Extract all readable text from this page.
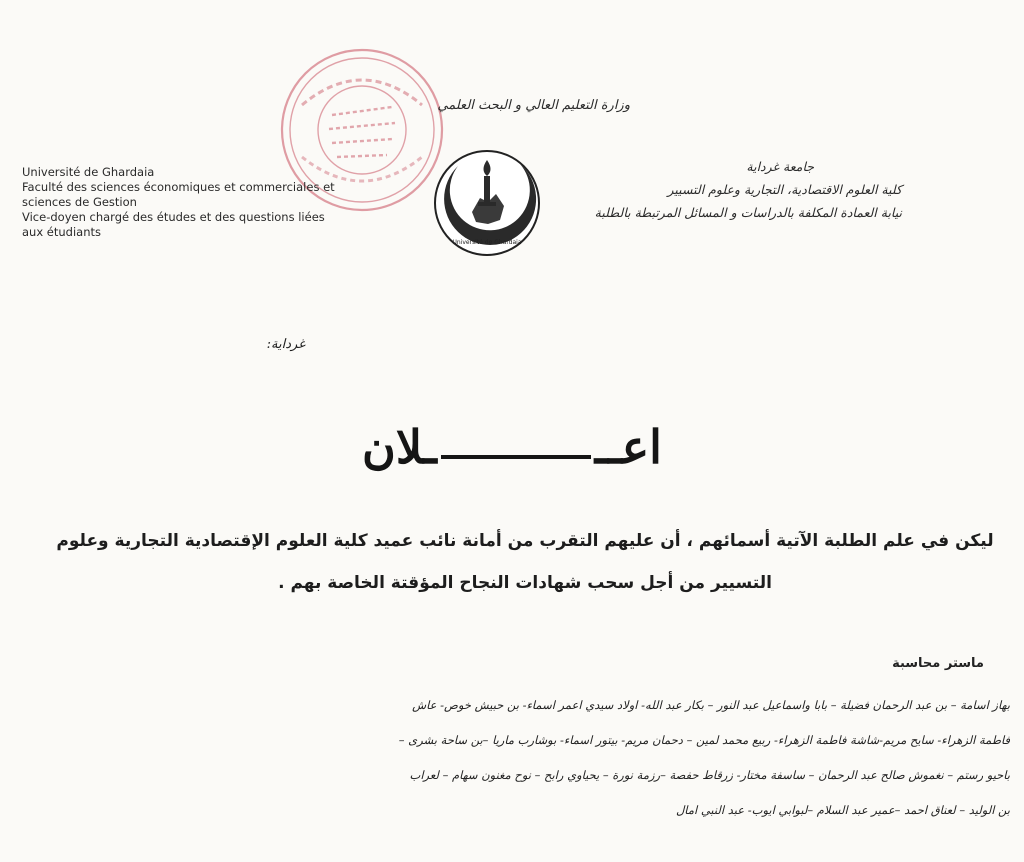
وزارة التعليم العالي و البحث العلمي
Université de Ghardaia
Faculté des sciences économiques et commerciales et
sciences de Gestion
Vice-doyen chargé des études et des questions liées
aux étudiants
Université de Ghardaia
جامعة غرداية
كلية العلوم الاقتصادية، التجارية وعلوم التسيير
نيابة العمادة المكلفة بالدراسات و المسائل المرتبطة بالطلبة
غرداية:
اعـــلان
ليكن في علم الطلبة الآتية أسمائهم ، أن عليهم التقرب من أمانة نائب عميد كلية العلوم الإقتصادية التجارية وعلوم
التسيير من أجل سحب شهادات النجاح المؤقتة الخاصة بهم .
ماستر محاسبة
بهاز اسامة – بن عبد الرحمان فضيلة – بابا واسماعيل عبد النور – بكار عبد الله- اولاد سيدي اعمر اسماء- بن حبيش خوص- عاش
فاطمة الزهراء- سايح مريم-شاشة فاطمة الزهراء- ربيع محمد لمين – دحمان مريم- بيتور اسماء- بوشارب ماريا –بن ساحة بشرى –
باحيو رستم – نغموش صالح عبد الرحمان – ساسفة مختار- زرقاط حفصة –رزمة نورة – يحياوي رابح – نوح مغنون سهام – لعراب
بن الوليد – لعناق احمد –عمير عبد السلام –لبوابي ايوب- عبد النبي امال
